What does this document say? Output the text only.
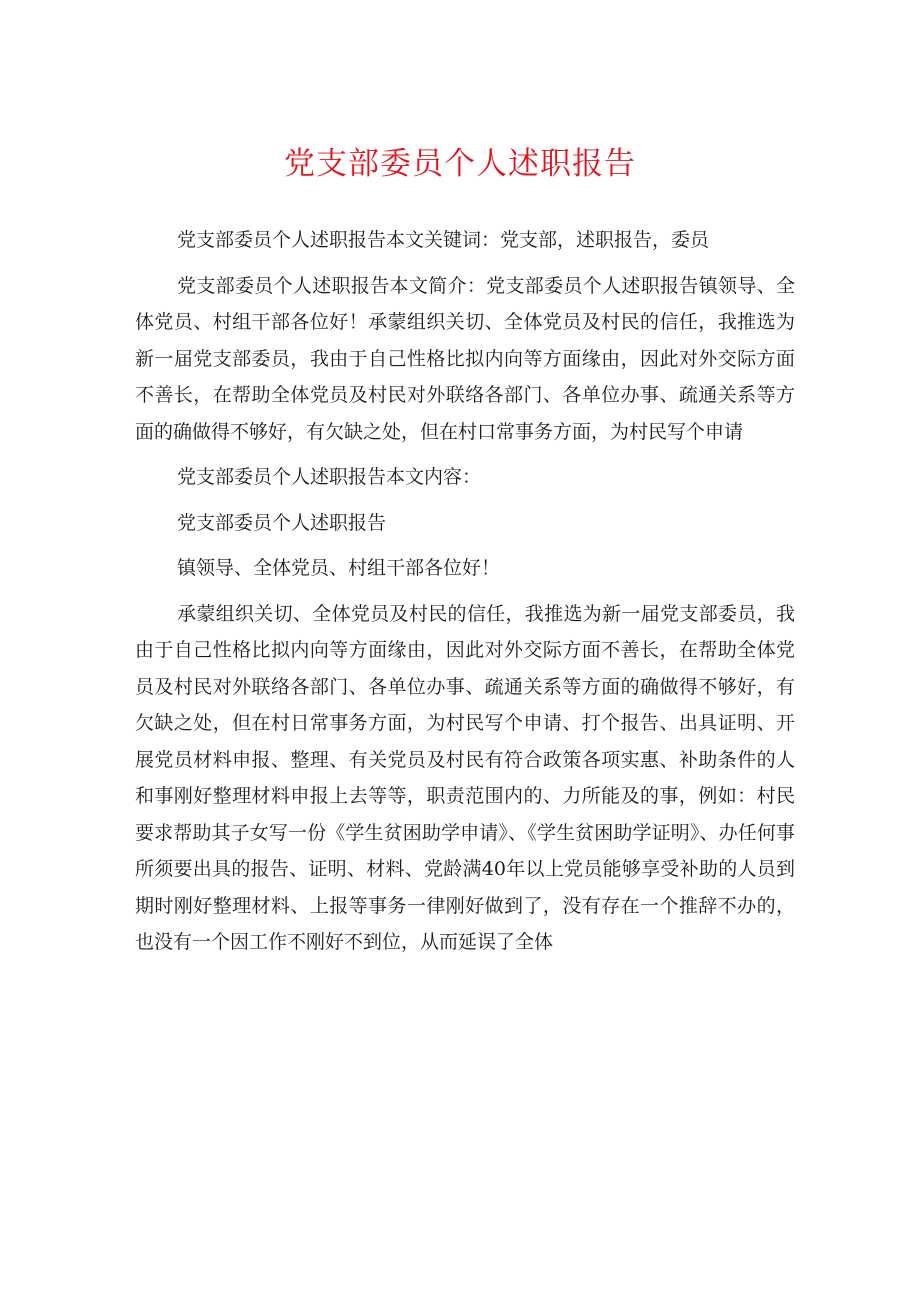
党支部委员个人述职报告

党支部委员个人述职报告本文关键词：党支部，述职报告，委员

党支部委员个人述职报告本文简介：党支部委员个人述职报告镇领导、全体党员、村组干部各位好！承蒙组织关切、全体党员及村民的信任，我推选为新一届党支部委员，我由于自己性格比拟内向等方面缘由，因此对外交际方面不善长，在帮助全体党员及村民对外联络各部门、各单位办事、疏通关系等方面的确做得不够好，有欠缺之处，但在村口常事务方面，为村民写个申请

党支部委员个人述职报告本文内容：

党支部委员个人述职报告

镇领导、全体党员、村组干部各位好！

承蒙组织关切、全体党员及村民的信任，我推选为新一届党支部委员，我由于自己性格比拟内向等方面缘由，因此对外交际方面不善长，在帮助全体党员及村民对外联络各部门、各单位办事、疏通关系等方面的确做得不够好，有欠缺之处，但在村日常事务方面，为村民写个申请、打个报告、出具证明、开展党员材料申报、整理、有关党员及村民有符合政策各项实惠、补助条件的人和事刚好整理材料申报上去等等，职责范围内的、力所能及的事，例如：村民要求帮助其子女写一份《学生贫困助学申请》、《学生贫困助学证明》、办任何事所须要出具的报告、证明、材料、党龄满40年以上党员能够享受补助的人员到期时刚好整理材料、上报等事务一律刚好做到了，没有存在一个推辞不办的，也没有一个因工作不刚好不到位，从而延误了全体
